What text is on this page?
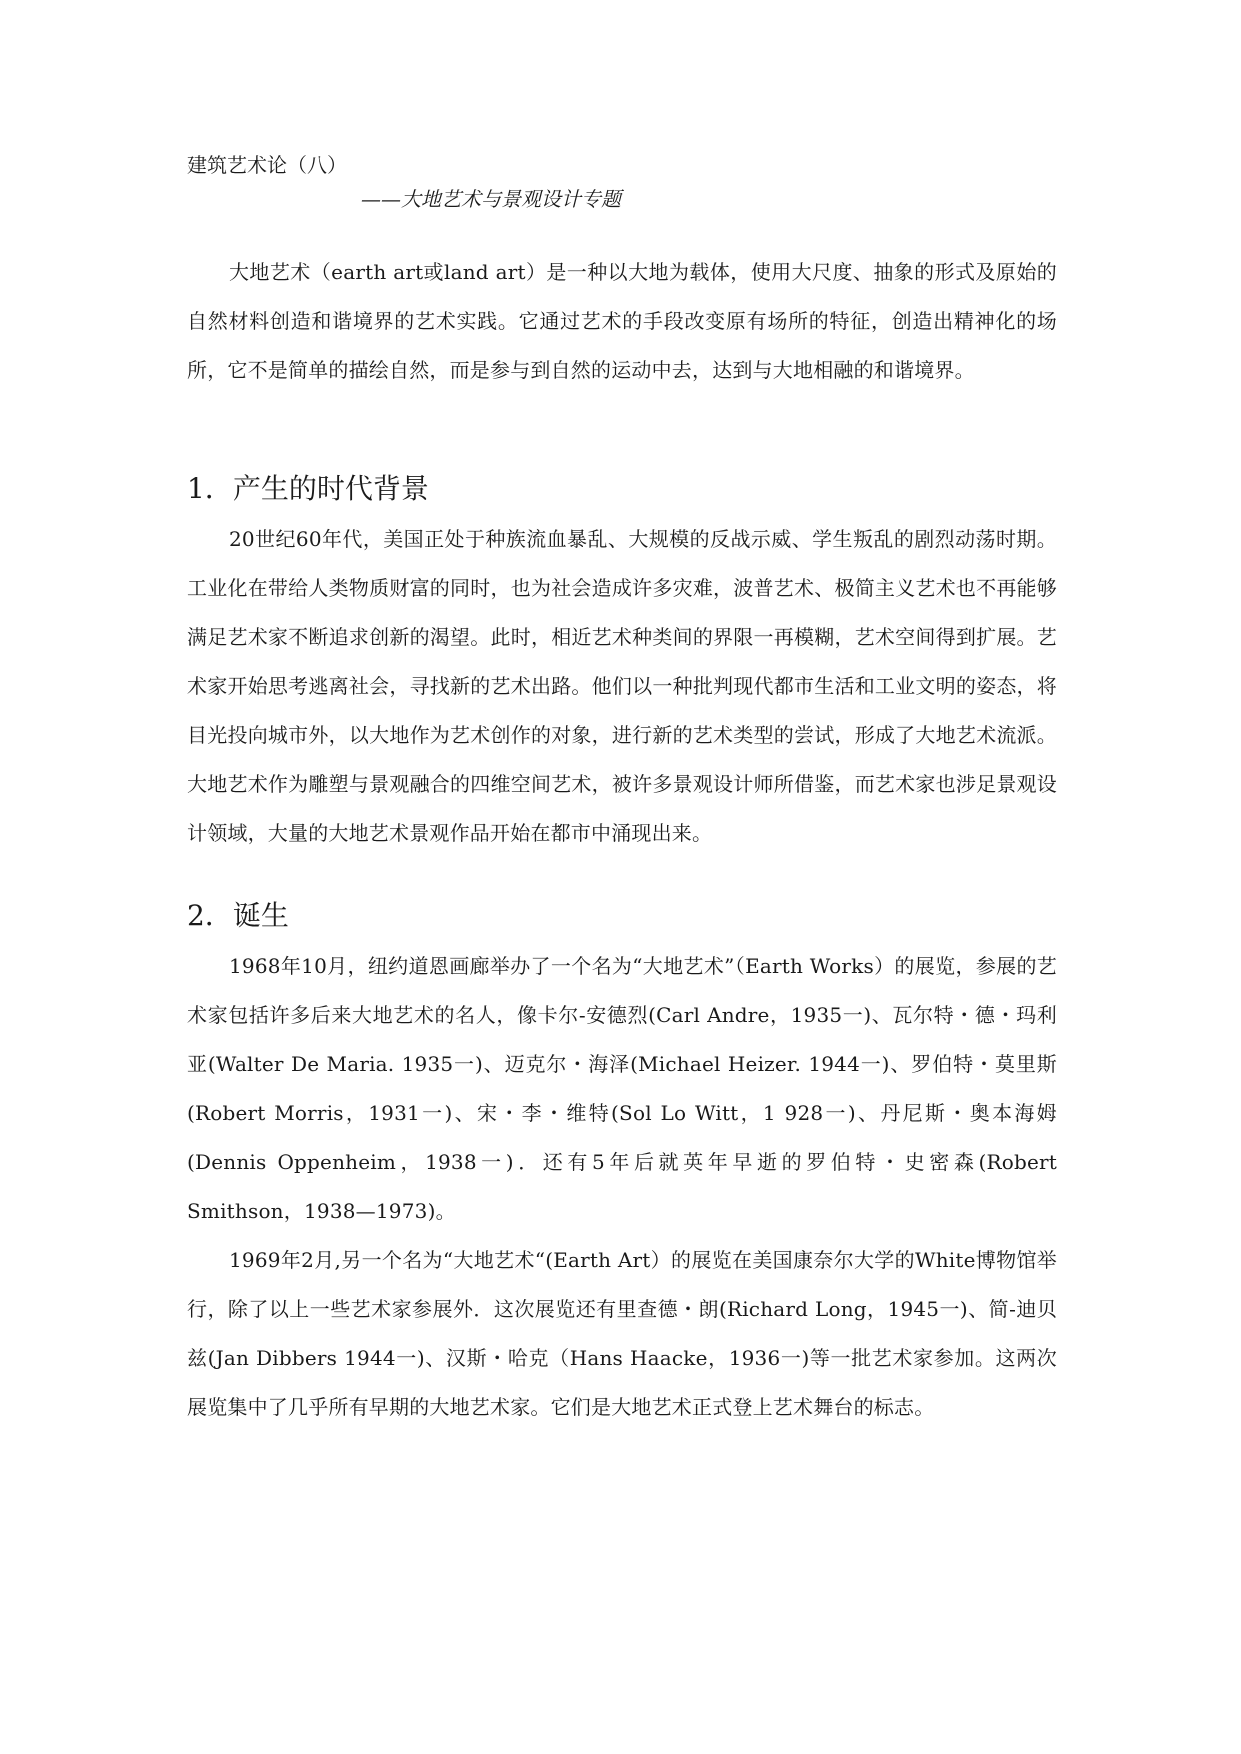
建筑艺术论（八）
——大地艺术与景观设计专题

大地艺术（earth art或land art）是一种以大地为载体，使用大尺度、抽象的形式及原始的自然材料创造和谐境界的艺术实践。它通过艺术的手段改变原有场所的特征，创造出精神化的场所，它不是简单的描绘自然，而是参与到自然的运动中去，达到与大地相融的和谐境界。

1．产生的时代背景

20世纪60年代，美国正处于种族流血暴乱、大规模的反战示威、学生叛乱的剧烈动荡时期。工业化在带给人类物质财富的同时，也为社会造成许多灾难，波普艺术、极简主义艺术也不再能够满足艺术家不断追求创新的渴望。此时，相近艺术种类间的界限一再模糊，艺术空间得到扩展。艺术家开始思考逃离社会，寻找新的艺术出路。他们以一种批判现代都市生活和工业文明的姿态，将目光投向城市外，以大地作为艺术创作的对象，进行新的艺术类型的尝试，形成了大地艺术流派。大地艺术作为雕塑与景观融合的四维空间艺术，被许多景观设计师所借鉴，而艺术家也涉足景观设计领域，大量的大地艺术景观作品开始在都市中涌现出来。

2．诞生

1968年10月，纽约道恩画廊举办了一个名为“大地艺术”（Earth Works）的展览，参展的艺术家包括许多后来大地艺术的名人，像卡尔-安德烈(Carl Andre，1935一)、瓦尔特・德・玛利亚(Walter De Maria. 1935一)、迈克尔・海泽(Michael Heizer. 1944一)、罗伯特・莫里斯(Robert Morris，1931一)、宋・李・维特(Sol Lo Witt，1 928一)、丹尼斯・奥本海姆(Dennis Oppenheim，1938一)．还有5年后就英年早逝的罗伯特・史密森(Robert Smithson，1938—1973)。

1969年2月,另一个名为“大地艺术“(Earth Art）的展览在美国康奈尔大学的White博物馆举行，除了以上一些艺术家参展外．这次展览还有里查德・朗(Richard Long，1945一)、简-迪贝兹(Jan Dibbers 1944一)、汉斯・哈克（Hans Haacke，1936一)等一批艺术家参加。这两次展览集中了几乎所有早期的大地艺术家。它们是大地艺术正式登上艺术舞台的标志。
